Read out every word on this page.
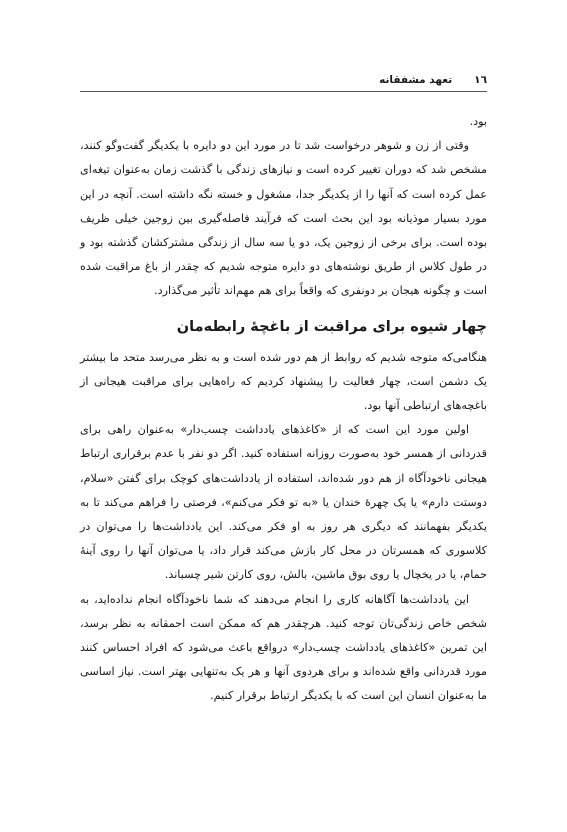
١٦
تعهد مشفقانه

بود.

وقتی از زن و شوهر درخواست شد تا در مورد این دو دایره با یکدیگر گفت‌وگو کنند، مشخص شد که دوران تغییر کرده است و نیازهای زندگی با گذشت زمان به‌عنوان تیغه‌ای عمل کرده است که آنها را از یکدیگر جدا، مشغول و خسته نگه داشته است. آنچه در این مورد بسیار موذیانه بود این بحث است که فرآیند فاصله‌گیری بین زوجین خیلی ظریف بوده است. برای برخی از زوجین یک، دو یا سه سال از زندگی مشترکشان گذشته بود و در طول کلاس از طریق نوشته‌های دو دایره متوجه شدیم که چقدر از باغ مراقبت شده است و چگونه هیجان بر دونفری که واقعاً برای هم مهم‌اند تأثیر می‌گذارد.

چهار شیوه برای مراقبت از باغچهٔ رابطه‌مان

هنگامی‌که متوجه شدیم که روابط از هم دور شده است و به نظر می‌رسد متحد ما بیشتر یک دشمن است، چهار فعالیت را پیشنهاد کردیم که راه‌هایی برای مراقبت هیجانی از باغچه‌های ارتباطی آنها بود.

اولین مورد این است که از «کاغذهای یادداشت چسب‌دار» به‌عنوان راهی برای قدردانی از همسر خود به‌صورت روزانه استفاده کنید. اگر دو نفر با عدم برقراری ارتباط هیجانی ناخودآگاه از هم دور شده‌اند، استفاده از یادداشت‌های کوچک برای گفتن «سلام، دوستت دارم» یا یک چهرهٔ خندان یا «به تو فکر می‌کنم»، فرصتی را فراهم می‌کند تا به یکدیگر بفهمانند که دیگری هر روز به او فکر می‌کند. این یادداشت‌ها را می‌توان در کلاسوری که همسرتان در محل کار بازش می‌کند قرار داد، یا می‌توان آنها را روی آینهٔ حمام، یا در یخچال یا روی بوق ماشین، بالش، روی کارتن شیر چسباند.

این یادداشت‌ها آگاهانه کاری را انجام می‌دهند که شما ناخودآگاه انجام نداده‌اید، به شخص خاص زندگی‌تان توجه کنید. هرچقدر هم که ممکن است احمقانه به نظر برسد، این تمرین «کاغذهای یادداشت چسب‌دار» درواقع باعث می‌شود که افراد احساس کنند مورد قدردانی واقع شده‌اند و برای هردوی آنها و هر یک به‌تنهایی بهتر است. نیاز اساسی ما به‌عنوان انسان این است که با یکدیگر ارتباط برقرار کنیم.
